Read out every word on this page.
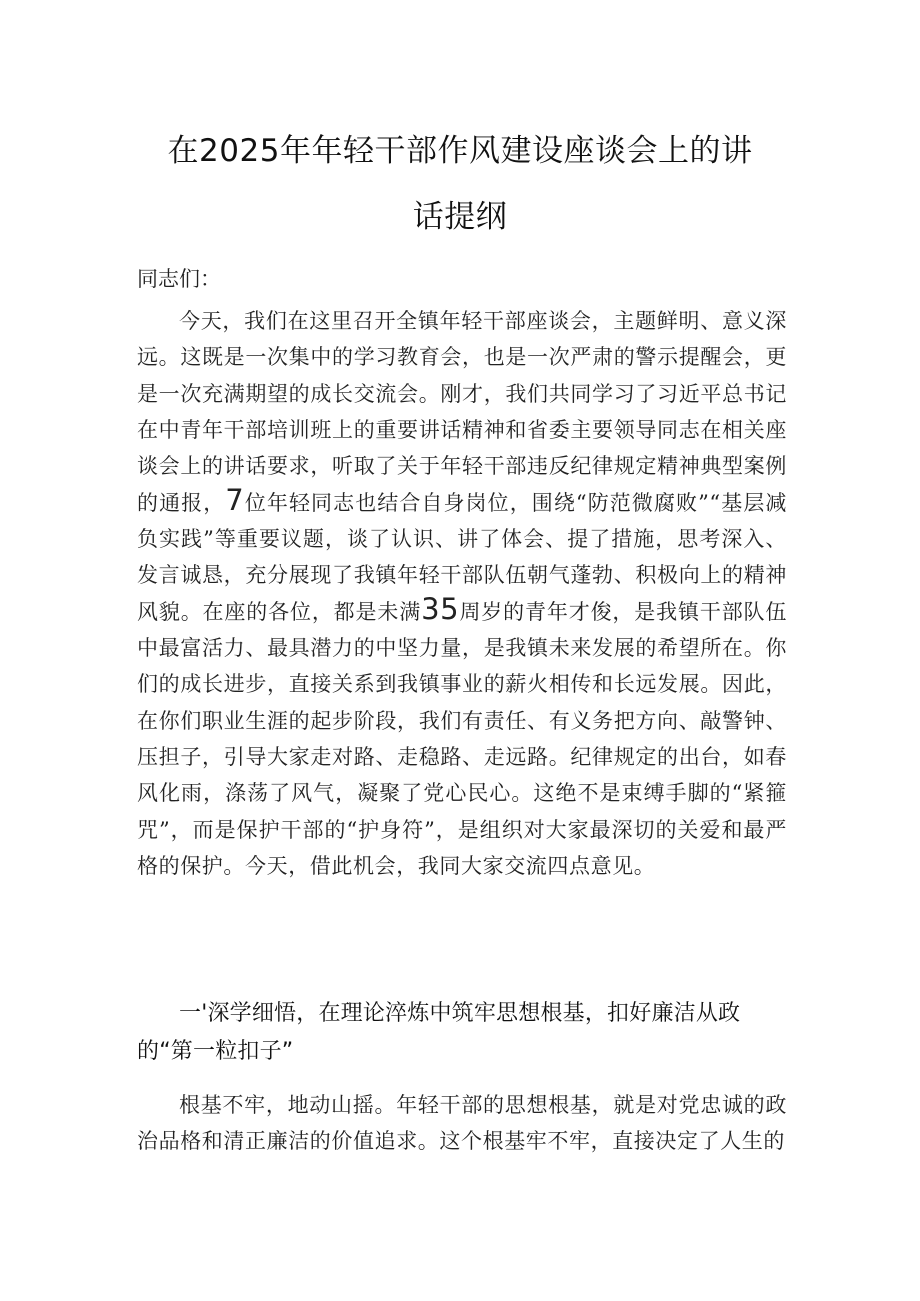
在2025年年轻干部作风建设座谈会上的讲
话提纲
同志们：

今天，我们在这里召开全镇年轻干部座谈会，主题鲜明、意义深远。这既是一次集中的学习教育会，也是一次严肃的警示提醒会，更是一次充满期望的成长交流会。刚才，我们共同学习了习近平总书记在中青年干部培训班上的重要讲话精神和省委主要领导同志在相关座谈会上的讲话要求，听取了关于年轻干部违反纪律规定精神典型案例的通报，7位年轻同志也结合自身岗位，围绕“防范微腐败”“基层减负实践”等重要议题，谈了认识、讲了体会、提了措施，思考深入、发言诚恳，充分展现了我镇年轻干部队伍朝气蓬勃、积极向上的精神风貌。在座的各位，都是未满35周岁的青年才俊，是我镇干部队伍中最富活力、最具潜力的中坚力量，是我镇未来发展的希望所在。你们的成长进步，直接关系到我镇事业的薪火相传和长远发展。因此，在你们职业生涯的起步阶段，我们有责任、有义务把方向、敲警钟、压担子，引导大家走对路、走稳路、走远路。纪律规定的出台，如春风化雨，涤荡了风气，凝聚了党心民心。这绝不是束缚手脚的“紧箍咒”，而是保护干部的“护身符”，是组织对大家最深切的关爱和最严格的保护。今天，借此机会，我同大家交流四点意见。

一'深学细悟，在理论淬炼中筑牢思想根基，扣好廉洁从政的“第一粒扣子”

根基不牢，地动山摇。年轻干部的思想根基，就是对党忠诚的政治品格和清正廉洁的价值追求。这个根基牢不牢，直接决定了人生的
